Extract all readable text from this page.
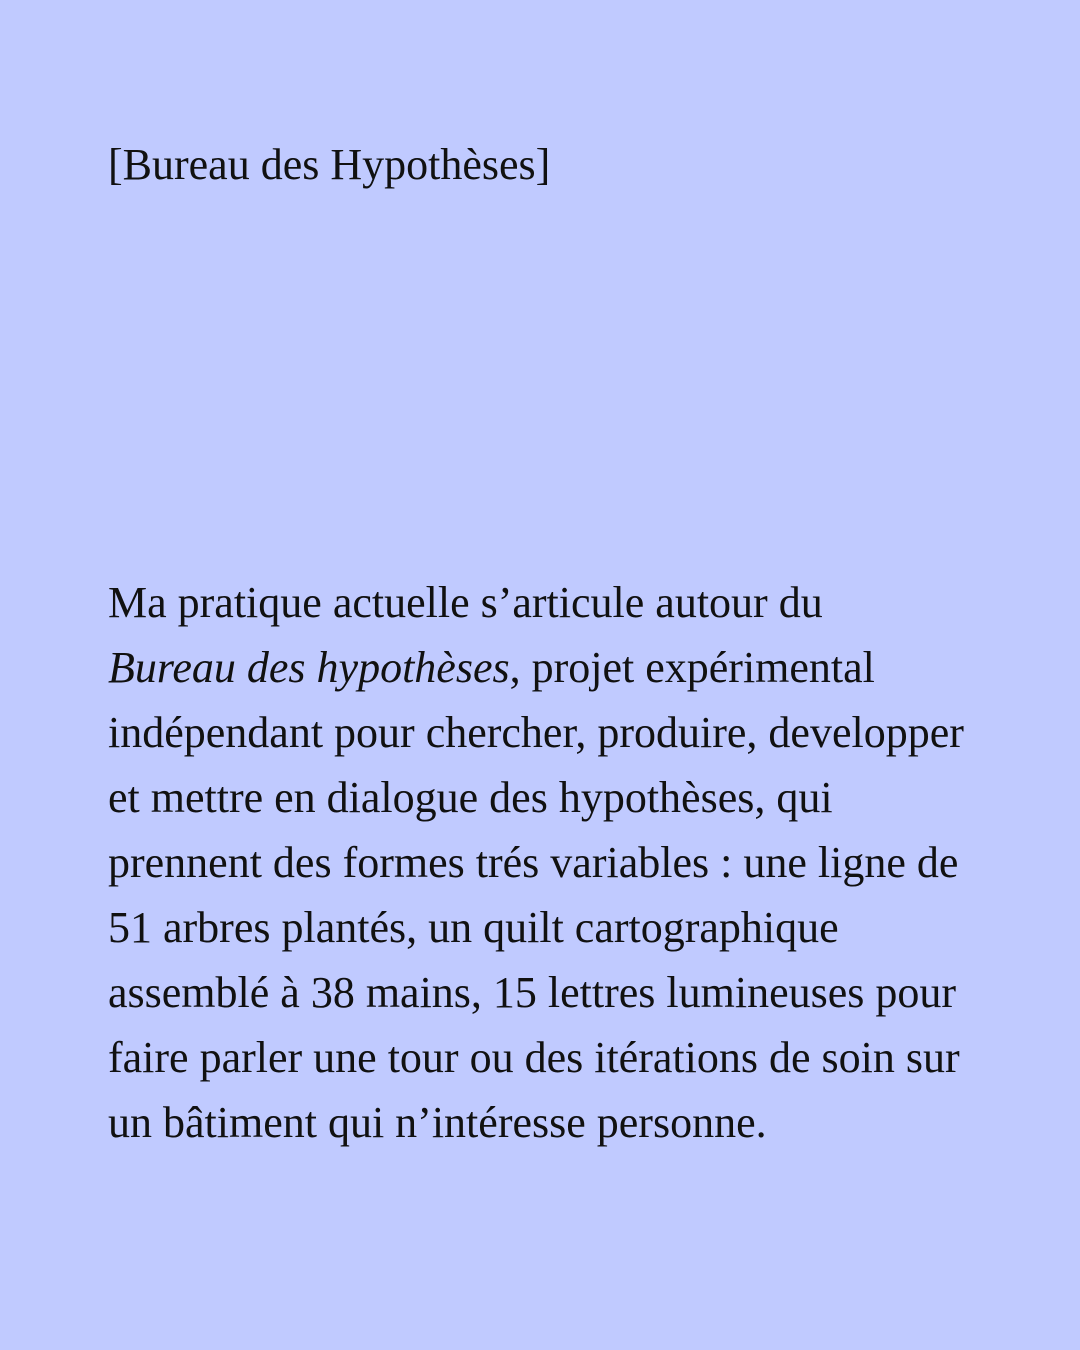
[Bureau des Hypothèses]

Ma pratique actuelle s’articule autour du
Bureau des hypothèses, projet expérimental indépendant pour chercher, produire, developper et mettre en dialogue des hypothèses, qui prennent des formes trés variables : une ligne de 51 arbres plantés, un quilt cartographique assemblé à 38 mains, 15 lettres lumineuses pour faire parler une tour ou des itérations de soin sur un bâtiment qui n’intéresse personne.
